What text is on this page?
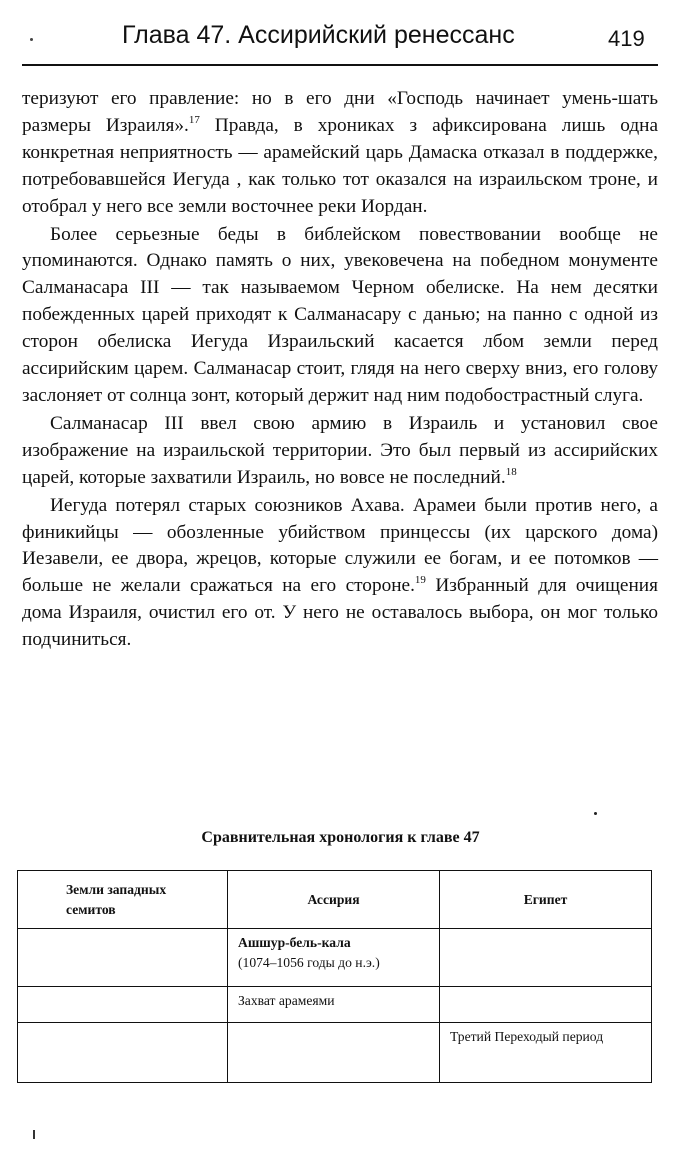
Глава 47. Ассирийский ренессанс	419

теризуют его правление: но в его дни «Господь начинает умень-шать размеры Израиля».$^{17}$ Правда, в хрониках з афиксирована лишь одна конкретная неприятность — арамейский царь Дамаска отказал в поддержке, потребовавшейся Иегуда , как только тот оказался на израильском троне, и отобрал у него все земли восточнее реки Иордан.

Более серьезные беды в библейском повествовании вообще не упоминаются. Однако память о них, увековечена на победном монументе Салманасара III — так называемом Черном обелиске. На нем десятки побежденных царей приходят к Салманасару с данью; на панно с одной из сторон обелиска Иегуда Израильский касается лбом земли перед ассирийским царем. Салманасар стоит, глядя на него сверху вниз, его голову заслоняет от солнца зонт, который держит над ним подобострастный слуга.

Салманасар III ввел свою армию в Израиль и установил свое изображение на израильской территории. Это был первый из ассирийских царей, которые захватили Израиль, но вовсе не последний.$^{18}$

Иегуда потерял старых союзников Ахава. Арамеи были против него, а финикийцы — обозленные убийством принцессы (их царского дома) Иезавели, ее двора, жрецов, которые служили ее богам, и ее потомков — больше не желали сражаться на его стороне.$^{19}$ Избранный для очищения дома Израиля, очистил его от. У него не оставалось выбора, он мог только подчиниться.

Сравнительная хронология к главе 47
Земли западных семитов	Ассирия	Египет

	Ашшур-бель-кала
(1074–1056 годы до н.э.)	

	Захват арамеями	
		Третий Переходый период
